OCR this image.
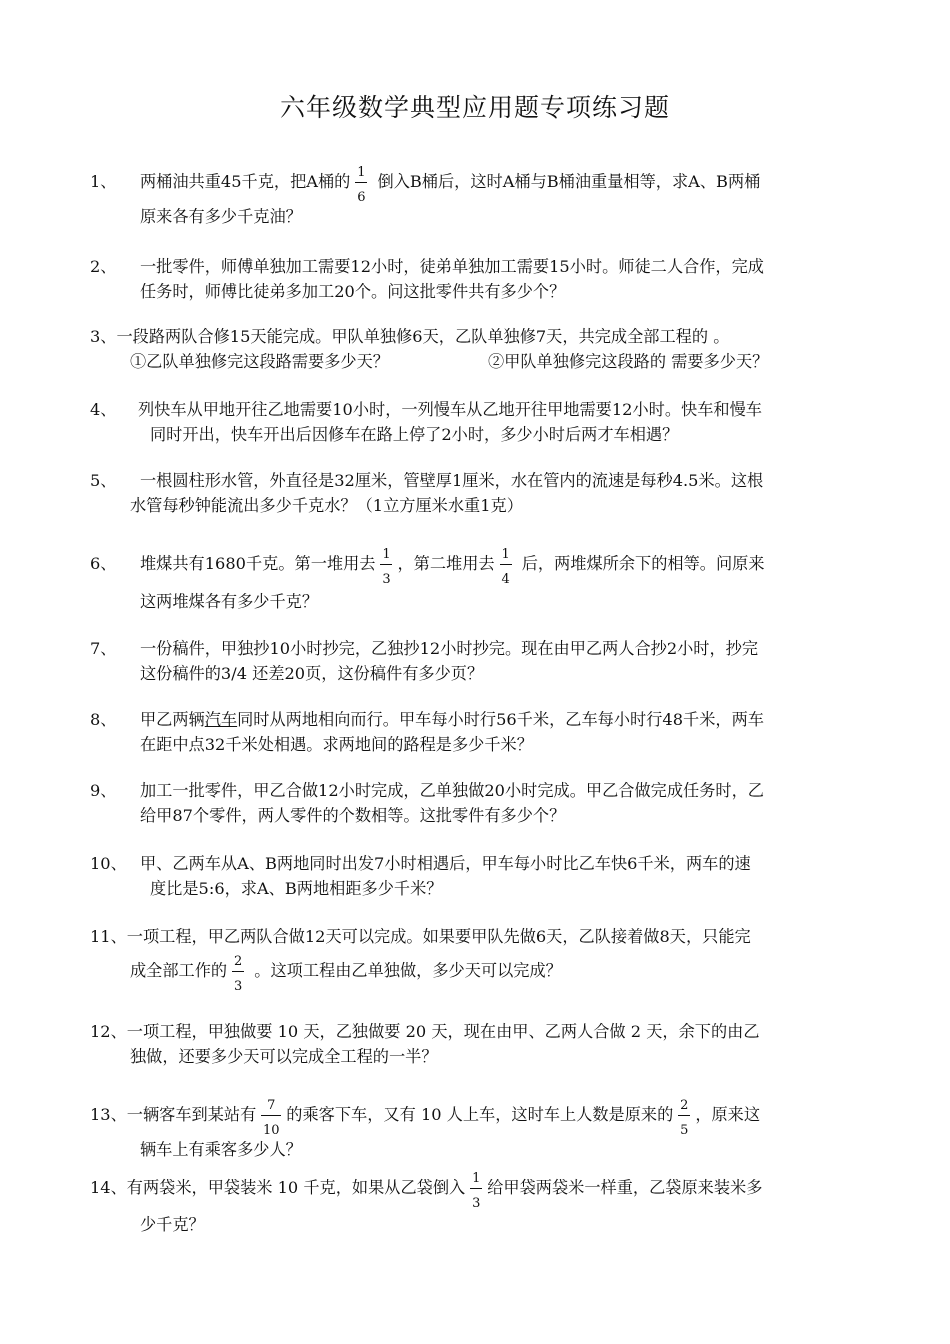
六年级数学典型应用题专项练习题
1、 两桶油共重45千克，把A桶的 $\frac{1}{6}$ 倒入B桶后，这时A桶与B桶油重量相等，求A、B两桶
原来各有多少千克油？
2、 一批零件，师傅单独加工需要12小时，徒弟单独加工需要15小时。师徒二人合作，完成
任务时，师傅比徒弟多加工20个。问这批零件共有多少个？
3、一段路两队合修15天能完成。甲队单独修6天，乙队单独修7天，共完成全部工程的 。
①乙队单独修完这段路需要多少天？	②甲队单独修完这段路的 需要多少天？
4、 列快车从甲地开往乙地需要10小时，一列慢车从乙地开往甲地需要12小时。快车和慢车
同时开出，快车开出后因修车在路上停了2小时，多少小时后两才车相遇？
5、 一根圆柱形水管，外直径是32厘米，管壁厚1厘米，水在管内的流速是每秒4.5米。这根
水管每秒钟能流出多少千克水？（1立方厘米水重1克）
6、 堆煤共有1680千克。第一堆用去 $\frac{1}{3}$ ，第二堆用去 $\frac{1}{4}$ 后，两堆煤所余下的相等。问原来
这两堆煤各有多少千克？
7、 一份稿件，甲独抄10小时抄完，乙独抄12小时抄完。现在由甲乙两人合抄2小时，抄完
这份稿件的3/4 还差20页，这份稿件有多少页？
8、 甲乙两辆汽车同时从两地相向而行。甲车每小时行56千米，乙车每小时行48千米，两车
在距中点32千米处相遇。求两地间的路程是多少千米？
9、 加工一批零件，甲乙合做12小时完成，乙单独做20小时完成。甲乙合做完成任务时，乙
给甲87个零件，两人零件的个数相等。这批零件有多少个？
10、 甲、乙两车从A、B两地同时出发7小时相遇后，甲车每小时比乙车快6千米，两车的速
度比是5:6，求A、B两地相距多少千米？
11、一项工程，甲乙两队合做12天可以完成。如果要甲队先做6天，乙队接着做8天，只能完
成全部工作的 $\frac{2}{3}$ 。这项工程由乙单独做，多少天可以完成？
12、一项工程，甲独做要 10 天，乙独做要 20 天，现在由甲、乙两人合做 2 天，余下的由乙
独做，还要多少天可以完成全工程的一半？
13、一辆客车到某站有 $\frac{7}{10}$ 的乘客下车，又有 10 人上车，这时车上人数是原来的 $\frac{2}{5}$ ，原来这
辆车上有乘客多少人？
14、有两袋米，甲袋装米 10 千克，如果从乙袋倒入 $\frac{1}{3}$ 给甲袋两袋米一样重，乙袋原来装米多
少千克？
